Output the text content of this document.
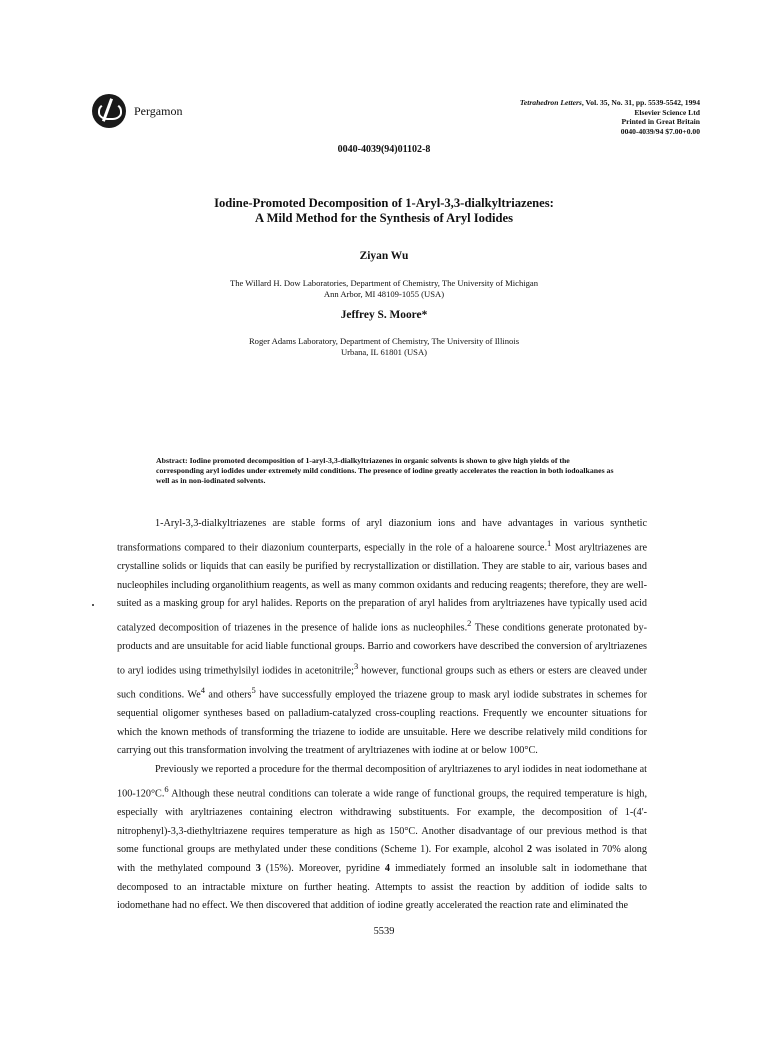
Pergamon
Tetrahedron Letters, Vol. 35, No. 31, pp. 5539-5542, 1994
Elsevier Science Ltd
Printed in Great Britain
0040-4039/94 $7.00+0.00
0040-4039(94)01102-8
Iodine-Promoted Decomposition of 1-Aryl-3,3-dialkyltriazenes:
A Mild Method for the Synthesis of Aryl Iodides
Ziyan Wu
The Willard H. Dow Laboratories, Department of Chemistry, The University of Michigan
Ann Arbor, MI 48109-1055 (USA)
Jeffrey S. Moore*
Roger Adams Laboratory, Department of Chemistry, The University of Illinois
Urbana, IL 61801 (USA)
Abstract: Iodine promoted decomposition of 1-aryl-3,3-dialkyltriazenes in organic solvents is shown to give high yields of the corresponding aryl iodides under extremely mild conditions. The presence of iodine greatly accelerates the reaction in both iodoalkanes as well as in non-iodinated solvents.

1-Aryl-3,3-dialkyltriazenes are stable forms of aryl diazonium ions and have advantages in various synthetic transformations compared to their diazonium counterparts, especially in the role of a haloarene source.$^1$ Most aryltriazenes are crystalline solids or liquids that can easily be purified by recrystallization or distillation. They are stable to air, various bases and nucleophiles including organolithium reagents, as well as many common oxidants and reducing reagents; therefore, they are well-suited as a masking group for aryl halides. Reports on the preparation of aryl halides from aryltriazenes have typically used acid catalyzed decomposition of triazenes in the presence of halide ions as nucleophiles.$^2$ These conditions generate protonated by-products and are unsuitable for acid liable functional groups. Barrio and coworkers have described the conversion of aryltriazenes to aryl iodides using trimethylsilyl iodides in acetonitrile;$^3$ however, functional groups such as ethers or esters are cleaved under such conditions. We$^4$ and others$^5$ have successfully employed the triazene group to mask aryl iodide substrates in schemes for sequential oligomer syntheses based on palladium-catalyzed cross-coupling reactions. Frequently we encounter situations for which the known methods of transforming the triazene to iodide are unsuitable. Here we describe relatively mild conditions for carrying out this transformation involving the treatment of aryltriazenes with iodine at or below 100°C.

Previously we reported a procedure for the thermal decomposition of aryltriazenes to aryl iodides in neat iodomethane at 100-120°C.$^6$ Although these neutral conditions can tolerate a wide range of functional groups, the required temperature is high, especially with aryltriazenes containing electron withdrawing substituents. For example, the decomposition of 1-(4'-nitrophenyl)-3,3-diethyltriazene requires temperature as high as 150°C. Another disadvantage of our previous method is that some functional groups are methylated under these conditions (Scheme 1). For example, alcohol 2 was isolated in 70% along with the methylated compound 3 (15%). Moreover, pyridine 4 immediately formed an insoluble salt in iodomethane that decomposed to an intractable mixture on further heating. Attempts to assist the reaction by addition of iodide salts to iodomethane had no effect. We then discovered that addition of iodine greatly accelerated the reaction rate and eliminated the

5539
